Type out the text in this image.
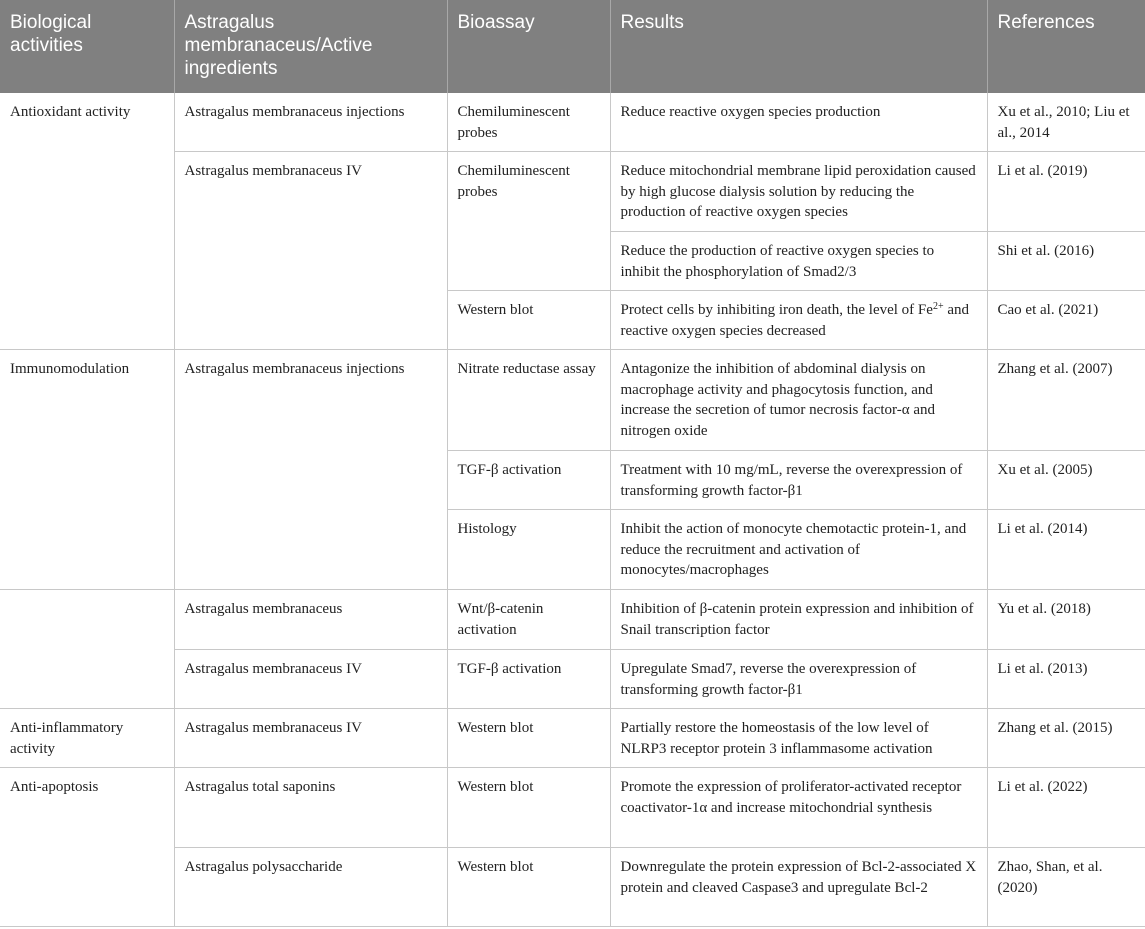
Biological activities	Astragalus membranaceus/Active ingredients	Bioassay	Results	References
Antioxidant activity	Astragalus membranaceus injections	Chemiluminescent probes	Reduce reactive oxygen species production	Xu et al., 2010; Liu et al., 2014
	Astragalus membranaceus IV	Chemiluminescent probes	Reduce mitochondrial membrane lipid peroxidation caused by high glucose dialysis solution by reducing the production of reactive oxygen species	Li et al. (2019)
			Reduce the production of reactive oxygen species to inhibit the phosphorylation of Smad2/3	Shi et al. (2016)
		Western blot	Protect cells by inhibiting iron death, the level of $Fe^{2+}$ and reactive oxygen species decreased	Cao et al. (2021)
Immunomodulation	Astragalus membranaceus injections	Nitrate reductase assay	Antagonize the inhibition of abdominal dialysis on macrophage activity and phagocytosis function, and increase the secretion of tumor necrosis factor-α and nitrogen oxide	Zhang et al. (2007)
		TGF-β activation	Treatment with 10 mg/mL, reverse the overexpression of transforming growth factor-β1	Xu et al. (2005)
		Histology	Inhibit the action of monocyte chemotactic protein-1, and reduce the recruitment and activation of monocytes/macrophages	Li et al. (2014)
	Astragalus membranaceus	Wnt/β-catenin activation	Inhibition of β-catenin protein expression and inhibition of Snail transcription factor	Yu et al. (2018)
	Astragalus membranaceus IV	TGF-β activation	Upregulate Smad7, reverse the overexpression of transforming growth factor-β1	Li et al. (2013)
Anti-inflammatory activity	Astragalus membranaceus IV	Western blot	Partially restore the homeostasis of the low level of NLRP3 receptor protein 3 inflammasome activation	Zhang et al. (2015)
Anti-apoptosis	Astragalus total saponins	Western blot	Promote the expression of proliferator-activated receptor coactivator-1α and increase mitochondrial synthesis	Li et al. (2022)
	Astragalus polysaccharide	Western blot	Downregulate the protein expression of Bcl-2-associated X protein and cleaved Caspase3 and upregulate Bcl-2	Zhao, Shan, et al. (2020)
